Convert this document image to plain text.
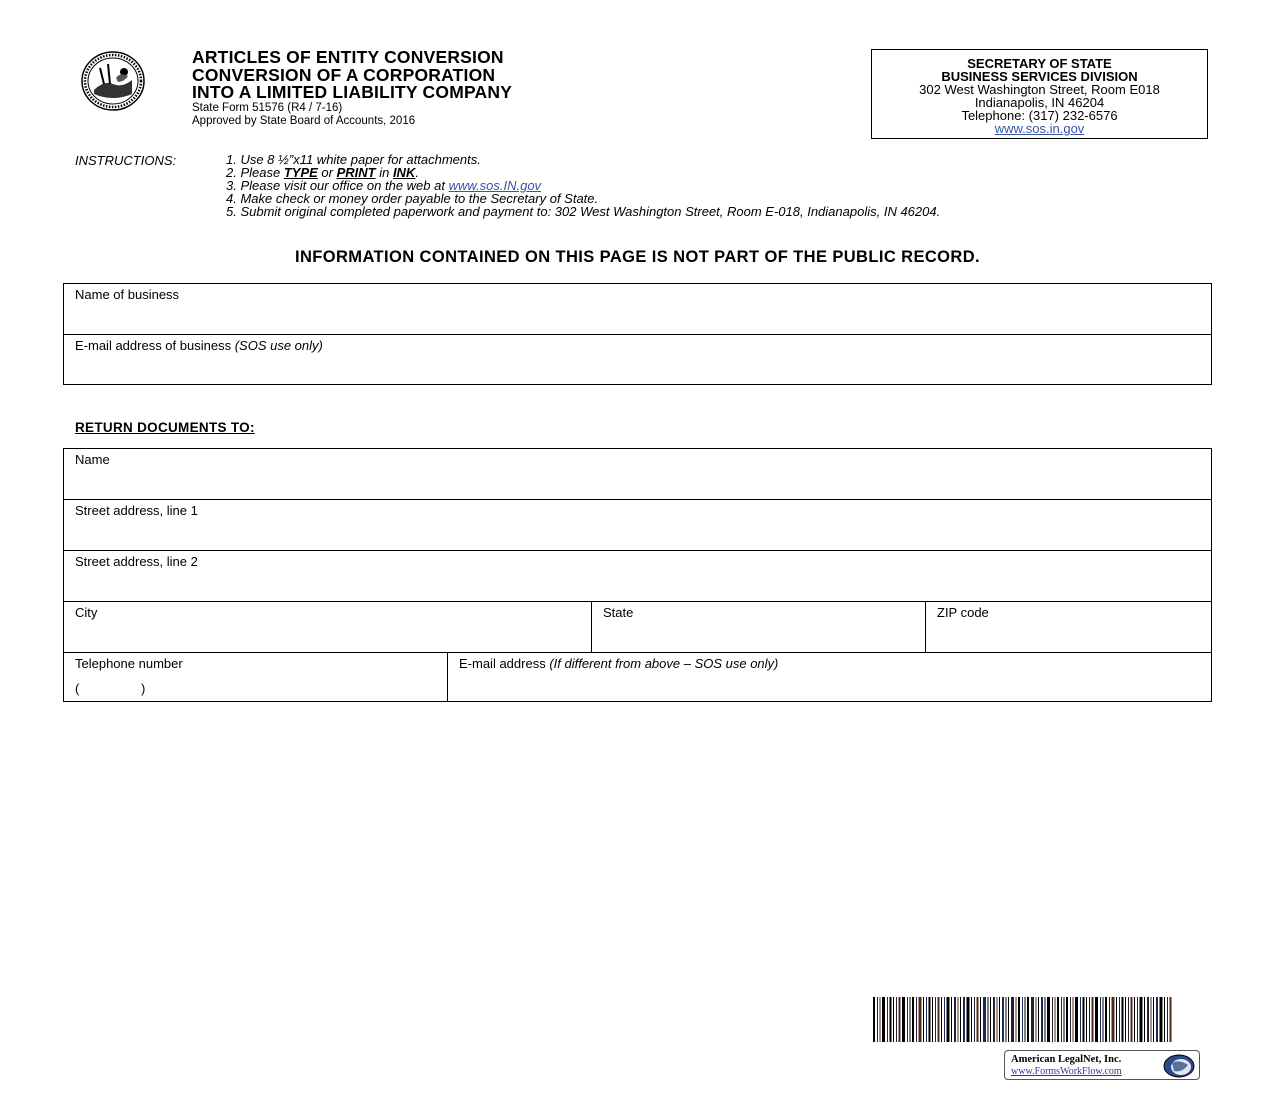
ARTICLES OF ENTITY CONVERSION
CONVERSION OF A CORPORATION
INTO A LIMITED LIABILITY COMPANY
State Form 51576 (R4 / 7-16)
Approved by State Board of Accounts, 2016
SECRETARY OF STATE
BUSINESS SERVICES DIVISION
302 West Washington Street, Room E018
Indianapolis, IN 46204
Telephone: (317) 232-6576
www.sos.in.gov
INSTRUCTIONS:	1. Use 8 ½”x11 white paper for attachments.
2. Please TYPE or PRINT in INK.
3. Please visit our office on the web at www.sos.IN.gov
4. Make check or money order payable to the Secretary of State.
5. Submit original completed paperwork and payment to: 302 West Washington Street, Room E-018, Indianapolis, IN 46204.
INFORMATION CONTAINED ON THIS PAGE IS NOT PART OF THE PUBLIC RECORD.
Name of business
E-mail address of business (SOS use only)
RETURN DOCUMENTS TO:
Name
Street address, line 1
Street address, line 2
City	State	ZIP code
Telephone number
(	)
E-mail address (If different from above – SOS use only)
American LegalNet, Inc.
www.FormsWorkFlow.com
